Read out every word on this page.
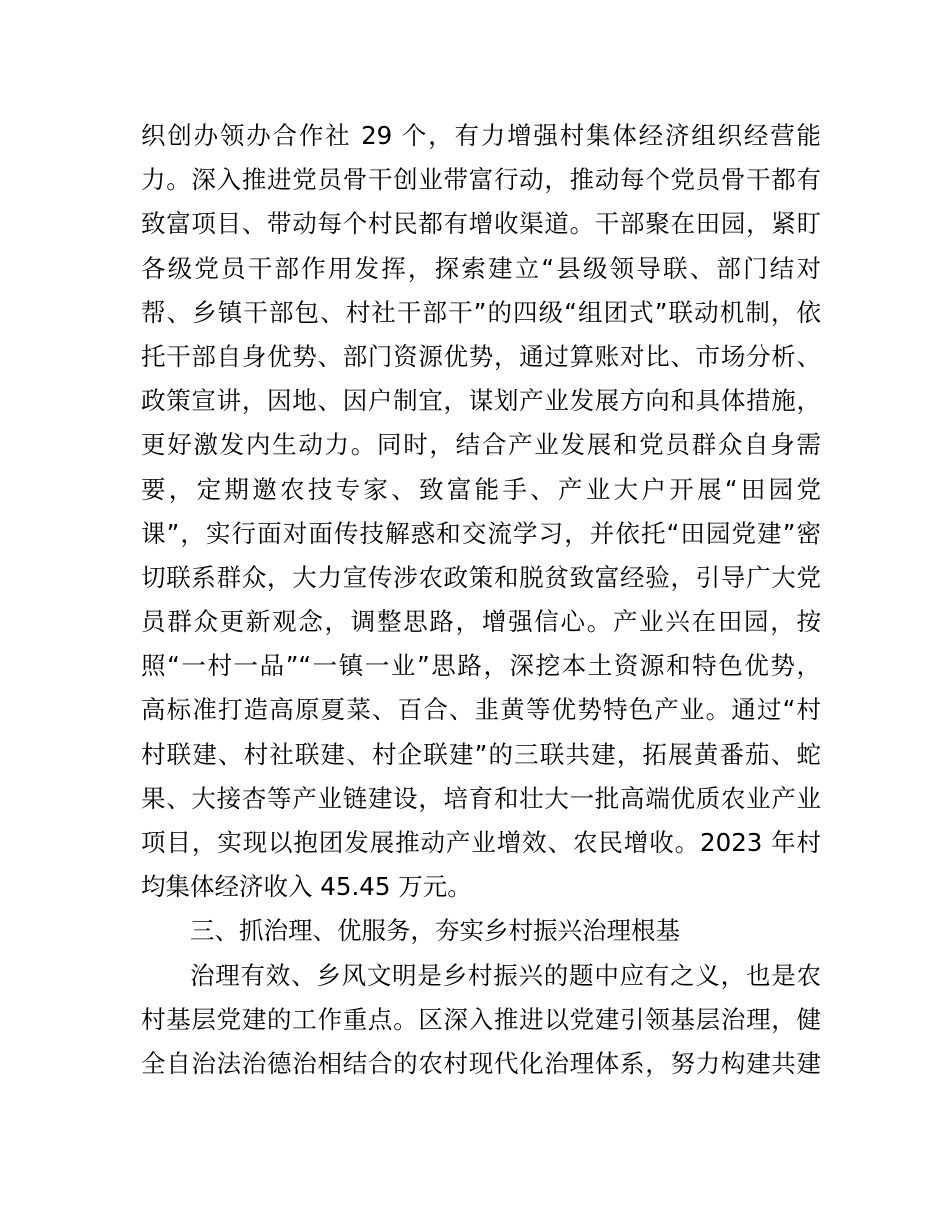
织创办领办合作社 29 个，有力增强村集体经济组织经营能
力。深入推进党员骨干创业带富行动，推动每个党员骨干都有
致富项目、带动每个村民都有增收渠道。干部聚在田园，紧盯
各级党员干部作用发挥，探索建立“县级领导联、部门结对
帮、乡镇干部包、村社干部干”的四级“组团式”联动机制，依
托干部自身优势、部门资源优势，通过算账对比、市场分析、
政策宣讲，因地、因户制宜，谋划产业发展方向和具体措施，
更好激发内生动力。同时，结合产业发展和党员群众自身需
要，定期邀农技专家、致富能手、产业大户开展“田园党
课”，实行面对面传技解惑和交流学习，并依托“田园党建”密
切联系群众，大力宣传涉农政策和脱贫致富经验，引导广大党
员群众更新观念，调整思路，增强信心。产业兴在田园，按
照“一村一品”“一镇一业”思路，深挖本土资源和特色优势，
高标准打造高原夏菜、百合、韭黄等优势特色产业。通过“村
村联建、村社联建、村企联建”的三联共建，拓展黄番茄、蛇
果、大接杏等产业链建设，培育和壮大一批高端优质农业产业
项目，实现以抱团发展推动产业增效、农民增收。2023 年村
均集体经济收入 45.45 万元。
三、抓治理、优服务，夯实乡村振兴治理根基
治理有效、乡风文明是乡村振兴的题中应有之义，也是农
村基层党建的工作重点。区深入推进以党建引领基层治理，健
全自治法治德治相结合的农村现代化治理体系，努力构建共建
